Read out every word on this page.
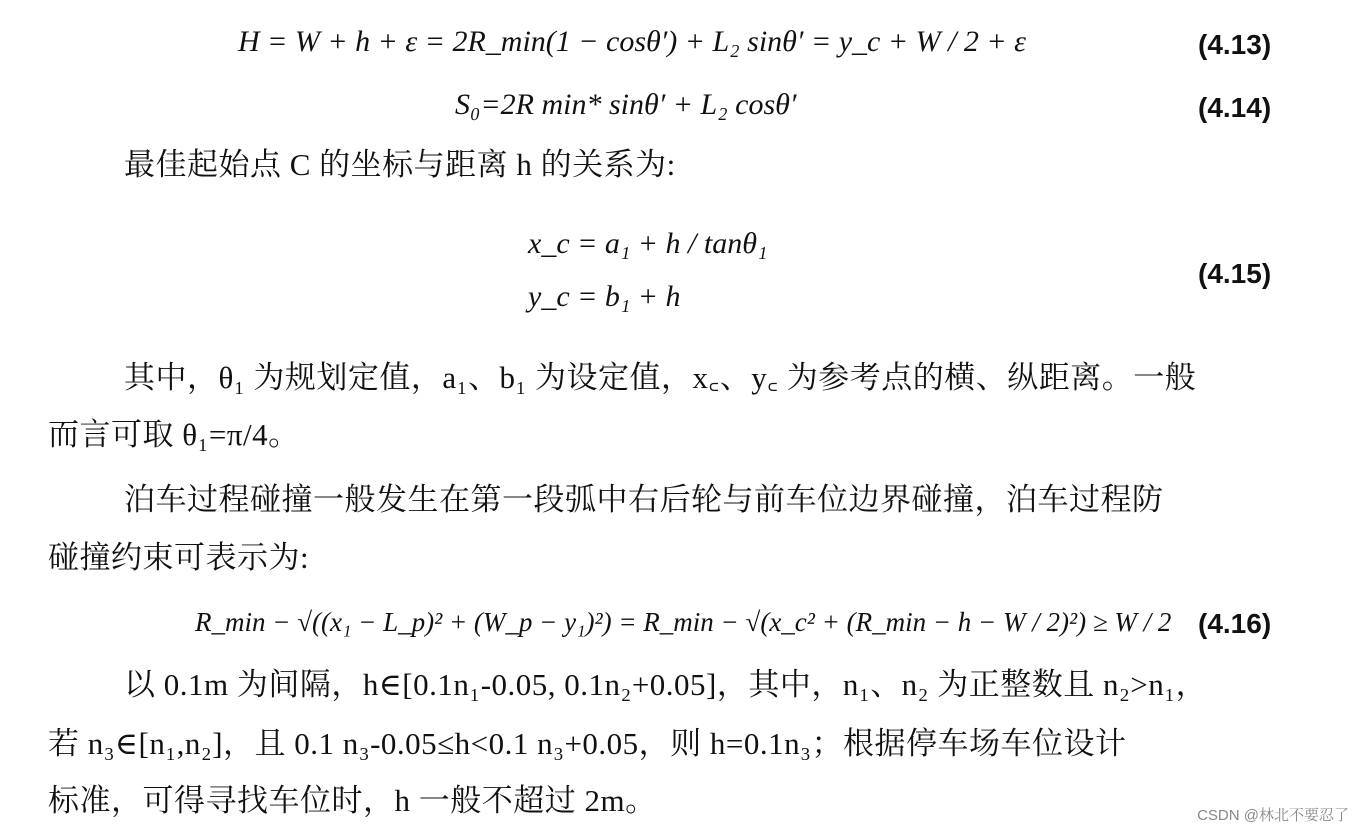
H = W + h + ε = 2R_min(1 − cosθ′) + L₂ sinθ′ = y_c + W / 2 + ε	(4.13)
S₀=2R min* sinθ′ + L₂ cosθ′	(4.14)
最佳起始点 C 的坐标与距离 h 的关系为:
x_c = a₁ + h / tanθ₁
y_c = b₁ + h
(4.15)
其中，θ₁ 为规划定值，a₁、b₁ 为设定值，x꜀、y꜀ 为参考点的横、纵距离。一般
而言可取 θ₁=π/4。
泊车过程碰撞一般发生在第一段弧中右后轮与前车位边界碰撞，泊车过程防
碰撞约束可表示为:
R_min − √((x₁ − L_p)² + (W_p − y₁)²) = R_min − √(x_c² + (R_min − h − W / 2)²) ≥ W / 2 (4.16)
以 0.1m 为间隔，h∈[0.1n₁-0.05, 0.1n₂+0.05]，其中，n₁、n₂ 为正整数且 n₂>n₁，
若 n₃∈[n₁,n₂]，且 0.1 n₃-0.05≤h<0.1 n₃+0.05，则 h=0.1n₃；根据停车场车位设计
标准，可得寻找车位时，h 一般不超过 2m。	CSDN @林北不要忍了
